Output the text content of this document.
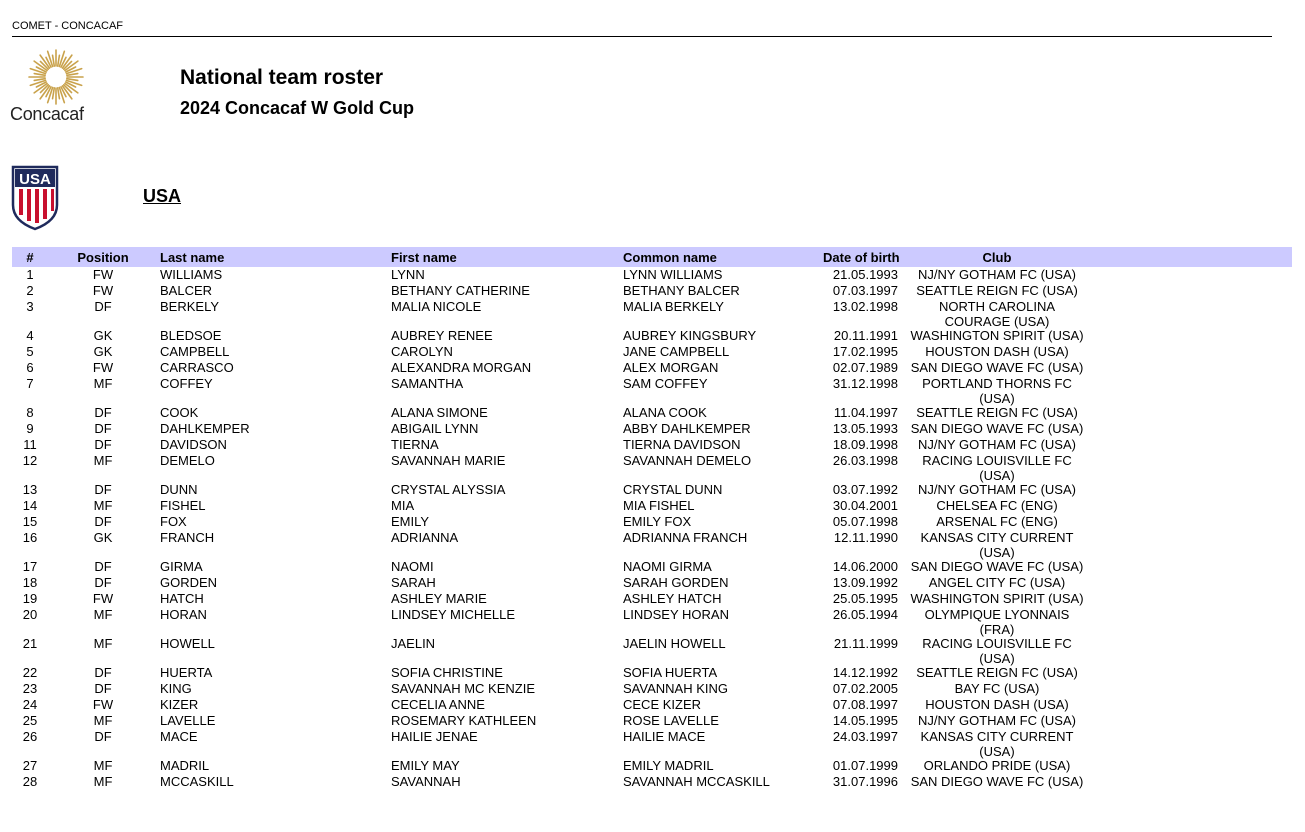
COMET - CONCACAF
Concacaf
National team roster
2024 Concacaf W Gold Cup
USA
USA
#	Position	Last name	First name	Common name	Date of birth	Club
1	FW	WILLIAMS	LYNN	LYNN WILLIAMS	21.05.1993	NJ/NY GOTHAM FC (USA)
2	FW	BALCER	BETHANY CATHERINE	BETHANY BALCER	07.03.1997	SEATTLE REIGN FC (USA)
3	DF	BERKELY	MALIA NICOLE	MALIA BERKELY	13.02.1998	NORTH CAROLINA COURAGE (USA)
4	GK	BLEDSOE	AUBREY RENEE	AUBREY KINGSBURY	20.11.1991 WASHINGTON SPIRIT (USA)
5	GK	CAMPBELL	CAROLYN	JANE CAMPBELL	17.02.1995	HOUSTON DASH (USA)
6	FW	CARRASCO	ALEXANDRA MORGAN	ALEX MORGAN	02.07.1989 SAN DIEGO WAVE FC (USA)
7	MF	COFFEY	SAMANTHA	SAM COFFEY	31.12.1998	PORTLAND THORNS FC (USA)
8	DF	COOK	ALANA SIMONE	ALANA COOK	11.04.1997	SEATTLE REIGN FC (USA)
9	DF	DAHLKEMPER	ABIGAIL LYNN	ABBY DAHLKEMPER	13.05.1993 SAN DIEGO WAVE FC (USA)
11	DF	DAVIDSON	TIERNA	TIERNA DAVIDSON	18.09.1998	NJ/NY GOTHAM FC (USA)
12	MF	DEMELO	SAVANNAH MARIE	SAVANNAH DEMELO	26.03.1998	RACING LOUISVILLE FC (USA)
13	DF	DUNN	CRYSTAL ALYSSIA	CRYSTAL DUNN	03.07.1992	NJ/NY GOTHAM FC (USA)
14	MF	FISHEL	MIA	MIA FISHEL	30.04.2001	CHELSEA FC (ENG)
15	DF	FOX	EMILY	EMILY FOX	05.07.1998	ARSENAL FC (ENG)
16	GK	FRANCH	ADRIANNA	ADRIANNA FRANCH	12.11.1990	KANSAS CITY CURRENT (USA)
17	DF	GIRMA	NAOMI	NAOMI GIRMA	14.06.2000 SAN DIEGO WAVE FC (USA)
18	DF	GORDEN	SARAH	SARAH GORDEN	13.09.1992	ANGEL CITY FC (USA)
19	FW	HATCH	ASHLEY MARIE	ASHLEY HATCH	25.05.1995 WASHINGTON SPIRIT (USA)
20	MF	HORAN	LINDSEY MICHELLE	LINDSEY HORAN	26.05.1994	OLYMPIQUE LYONNAIS (FRA)
21	MF	HOWELL	JAELIN	JAELIN HOWELL	21.11.1999	RACING LOUISVILLE FC (USA)
22	DF	HUERTA	SOFIA CHRISTINE	SOFIA HUERTA	14.12.1992	SEATTLE REIGN FC (USA)
23	DF	KING	SAVANNAH MC KENZIE	SAVANNAH KING	07.02.2005	BAY FC (USA)
24	FW	KIZER	CECELIA ANNE	CECE KIZER	07.08.1997	HOUSTON DASH (USA)
25	MF	LAVELLE	ROSEMARY KATHLEEN	ROSE LAVELLE	14.05.1995	NJ/NY GOTHAM FC (USA)
26	DF	MACE	HAILIE JENAE	HAILIE MACE	24.03.1997	KANSAS CITY CURRENT (USA)
27	MF	MADRIL	EMILY MAY	EMILY MADRIL	01.07.1999	ORLANDO PRIDE (USA)
28	MF	MCCASKILL	SAVANNAH	SAVANNAH MCCASKILL	31.07.1996 SAN DIEGO WAVE FC (USA)
